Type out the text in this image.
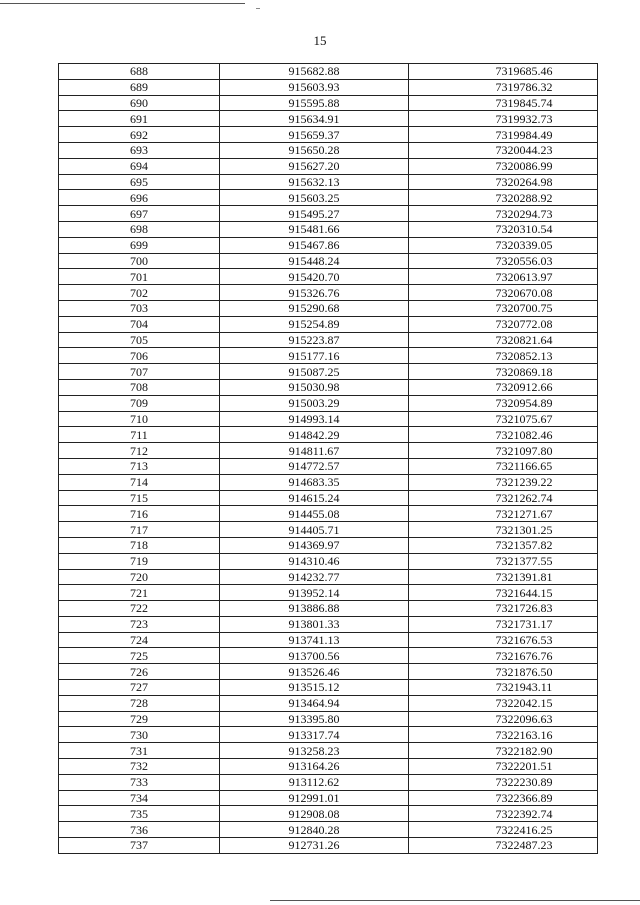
15
688	915682.88	7319685.46
689	915603.93	7319786.32
690	915595.88	7319845.74
691	915634.91	7319932.73
692	915659.37	7319984.49
693	915650.28	7320044.23
694	915627.20	7320086.99
695	915632.13	7320264.98
696	915603.25	7320288.92
697	915495.27	7320294.73
698	915481.66	7320310.54
699	915467.86	7320339.05
700	915448.24	7320556.03
701	915420.70	7320613.97
702	915326.76	7320670.08
703	915290.68	7320700.75
704	915254.89	7320772.08
705	915223.87	7320821.64
706	915177.16	7320852.13
707	915087.25	7320869.18
708	915030.98	7320912.66
709	915003.29	7320954.89
710	914993.14	7321075.67
711	914842.29	7321082.46
712	914811.67	7321097.80
713	914772.57	7321166.65
714	914683.35	7321239.22
715	914615.24	7321262.74
716	914455.08	7321271.67
717	914405.71	7321301.25
718	914369.97	7321357.82
719	914310.46	7321377.55
720	914232.77	7321391.81
721	913952.14	7321644.15
722	913886.88	7321726.83
723	913801.33	7321731.17
724	913741.13	7321676.53
725	913700.56	7321676.76
726	913526.46	7321876.50
727	913515.12	7321943.11
728	913464.94	7322042.15
729	913395.80	7322096.63
730	913317.74	7322163.16
731	913258.23	7322182.90
732	913164.26	7322201.51
733	913112.62	7322230.89
734	912991.01	7322366.89
735	912908.08	7322392.74
736	912840.28	7322416.25
737	912731.26	7322487.23
